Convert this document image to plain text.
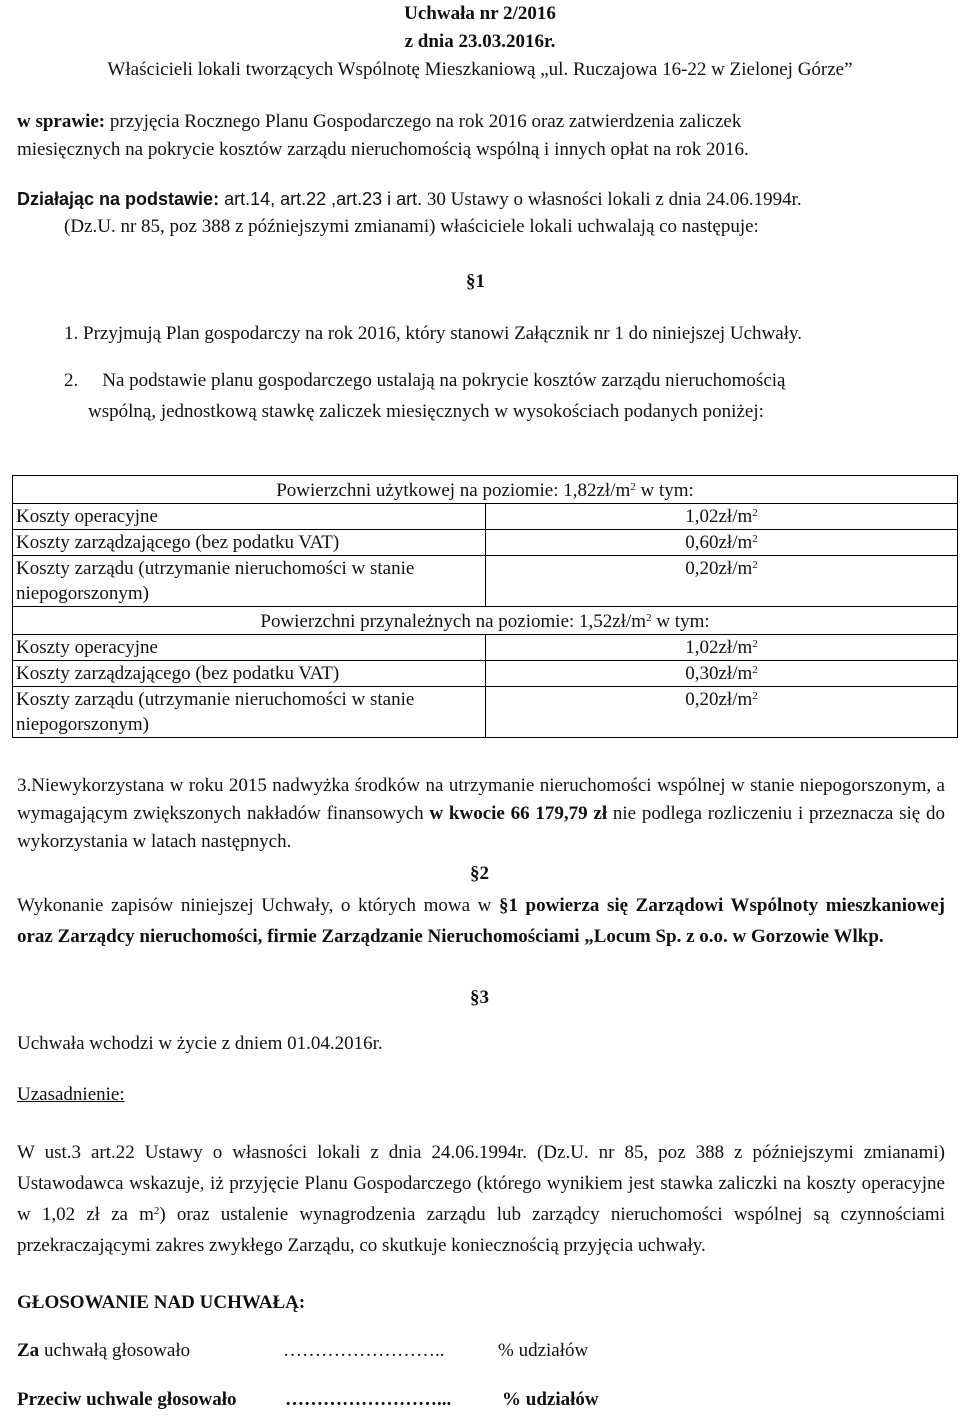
Uchwała nr 2/2016
z dnia 23.03.2016r.
Właścicieli lokali tworzących Wspólnotę Mieszkaniową „ul. Ruczajowa 16-22 w Zielonej Górze”
w sprawie: przyjęcia Rocznego Planu Gospodarczego na rok 2016 oraz zatwierdzenia zaliczek
miesięcznych na pokrycie kosztów zarządu nieruchomością wspólną i innych opłat na rok 2016.
Działając na podstawie: art.14, art.22 ,art.23 i art. 30 Ustawy o własności lokali z dnia 24.06.1994r.
(Dz.U. nr 85, poz 388 z późniejszymi zmianami) właściciele lokali uchwalają co następuje:
§1
1. Przyjmują Plan gospodarczy na rok 2016, który stanowi Załącznik nr 1 do niniejszej Uchwały.
2. Na podstawie planu gospodarczego ustalają na pokrycie kosztów zarządu nieruchomością
wspólną, jednostkową stawkę zaliczek miesięcznych w wysokościach podanych poniżej:
Powierzchni użytkowej na poziomie: $1,82zł/m^2$ w tym:	
Koszty operacyjne	$1,02zł/m^2$
Koszty zarządzającego (bez podatku VAT)	$0,60zł/m^2$
Koszty zarządu (utrzymanie nieruchomości w stanie niepogorszonym)	$0,20zł/m^2$
Powierzchni przynależnych na poziomie: $1,52zł/m^2$ w tym:	
Koszty operacyjne	$1,02zł/m^2$
Koszty zarządzającego (bez podatku VAT)	$0,30zł/m^2$
Koszty zarządu (utrzymanie nieruchomości w stanie niepogorszonym)	$0,20zł/m^2$
3.Niewykorzystana w roku 2015 nadwyżka środków na utrzymanie nieruchomości wspólnej w stanie niepogorszonym, a wymagającym zwiększonych nakładów finansowych w kwocie 66 179,79 zł nie podlega rozliczeniu i przeznacza się do wykorzystania w latach następnych.
§2
Wykonanie zapisów niniejszej Uchwały, o których mowa w §1 powierza się Zarządowi Wspólnoty mieszkaniowej oraz Zarządcy nieruchomości, firmie Zarządzanie Nieruchomościami „Locum Sp. z o.o. w Gorzowie Wlkp.
§3
Uchwała wchodzi w życie z dniem 01.04.2016r.
Uzasadnienie:
W ust.3 art.22 Ustawy o własności lokali z dnia 24.06.1994r. (Dz.U. nr 85, poz 388 z późniejszymi zmianami) Ustawodawca wskazuje, iż przyjęcie Planu Gospodarczego (którego wynikiem jest stawka zaliczki na koszty operacyjne w 1,02 zł za $m^2$) oraz ustalenie wynagrodzenia zarządu lub zarządcy nieruchomości wspólnej są czynnościami przekraczającymi zakres zwykłego Zarządu, co skutkuje koniecznością przyjęcia uchwały.
GŁOSOWANIE NAD UCHWAŁĄ:
Za uchwałą głosowało	……………………..	% udziałów
Przeciw uchwale głosowało	……………………...	% udziałów
